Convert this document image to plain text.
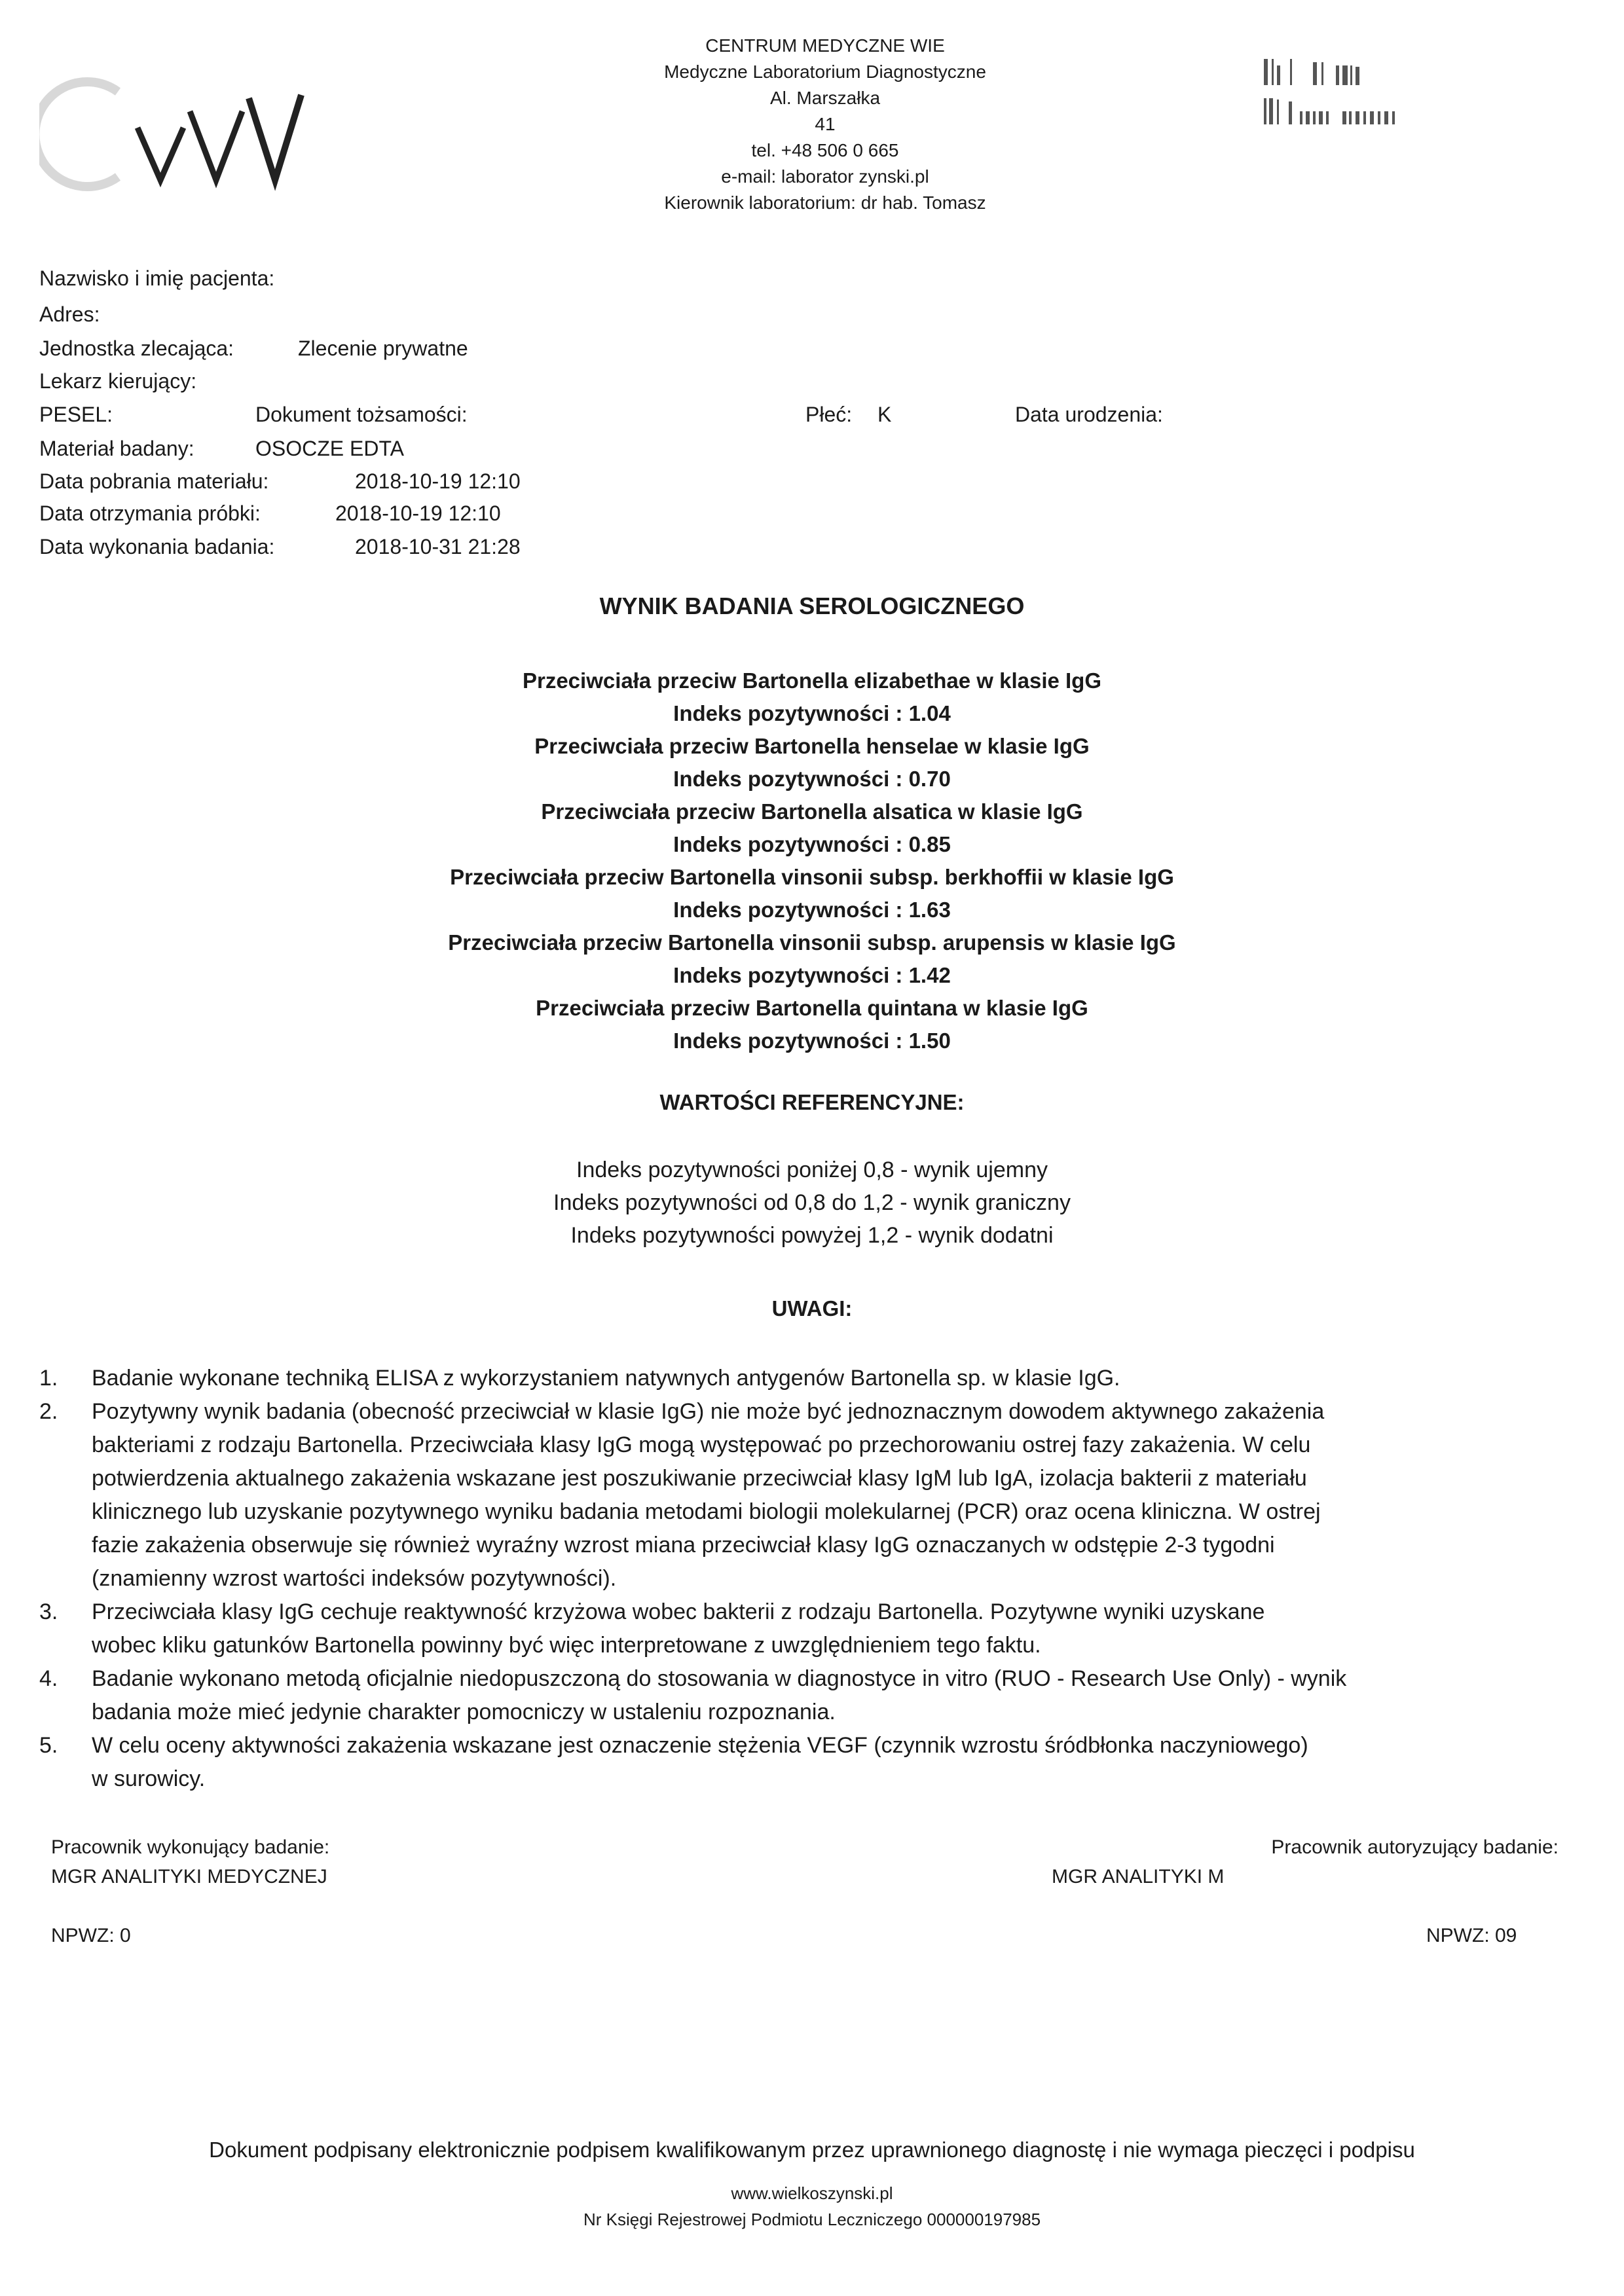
CENTRUM MEDYCZNE WIE
Medyczne Laboratorium Diagnostyczne
Al. Marszałka
41
tel. +48 506 0 665
e-mail: laborator zynski.pl
Kierownik laboratorium: dr hab. Tomasz
Nazwisko i imię pacjenta:
Adres:
Jednostka zlecająca:	Zlecenie prywatne
Lekarz kierujący:
PESEL:	Dokument tożsamości:	Płeć: K	Data urodzenia:
Materiał badany:	OSOCZE EDTA
Data pobrania materiału:	2018-10-19 12:10
Data otrzymania próbki:	2018-10-19 12:10
Data wykonania badania:	2018-10-31 21:28
WYNIK BADANIA SEROLOGICZNEGO
Przeciwciała przeciw Bartonella elizabethae w klasie IgG
Indeks pozytywności : 1.04
Przeciwciała przeciw Bartonella henselae w klasie IgG
Indeks pozytywności : 0.70
Przeciwciała przeciw Bartonella alsatica w klasie IgG
Indeks pozytywności : 0.85
Przeciwciała przeciw Bartonella vinsonii subsp. berkhoffii w klasie IgG
Indeks pozytywności : 1.63
Przeciwciała przeciw Bartonella vinsonii subsp. arupensis w klasie IgG
Indeks pozytywności : 1.42
Przeciwciała przeciw Bartonella quintana w klasie IgG
Indeks pozytywności : 1.50
WARTOŚCI REFERENCYJNE:
Indeks pozytywności poniżej 0,8 - wynik ujemny
Indeks pozytywności od 0,8 do 1,2 - wynik graniczny
Indeks pozytywności powyżej 1,2 - wynik dodatni
UWAGI:
1.	Badanie wykonane techniką ELISA z wykorzystaniem natywnych antygenów Bartonella sp. w klasie IgG.
2.	Pozytywny wynik badania (obecność przeciwciał w klasie IgG) nie może być jednoznacznym dowodem aktywnego zakażenia
bakteriami z rodzaju Bartonella. Przeciwciała klasy IgG mogą występować po przechorowaniu ostrej fazy zakażenia. W celu
potwierdzenia aktualnego zakażenia wskazane jest poszukiwanie przeciwciał klasy IgM lub IgA, izolacja bakterii z materiału
klinicznego lub uzyskanie pozytywnego wyniku badania metodami biologii molekularnej (PCR) oraz ocena kliniczna. W ostrej
fazie zakażenia obserwuje się również wyraźny wzrost miana przeciwciał klasy IgG oznaczanych w odstępie 2-3 tygodni
(znamienny wzrost wartości indeksów pozytywności).
3.	Przeciwciała klasy IgG cechuje reaktywność krzyżowa wobec bakterii z rodzaju Bartonella. Pozytywne wyniki uzyskane
wobec kliku gatunków Bartonella powinny być więc interpretowane z uwzględnieniem tego faktu.
4.	Badanie wykonano metodą oficjalnie niedopuszczoną do stosowania w diagnostyce in vitro (RUO - Research Use Only) - wynik
badania może mieć jedynie charakter pomocniczy w ustaleniu rozpoznania.
5.	W celu oceny aktywności zakażenia wskazane jest oznaczenie stężenia VEGF (czynnik wzrostu śródbłonka naczyniowego)
w surowicy.
Pracownik wykonujący badanie:
MGR ANALITYKI MEDYCZNEJ
NPWZ: 0
Pracownik autoryzujący badanie:
MGR ANALITYKI M
NPWZ: 09
Dokument podpisany elektronicznie podpisem kwalifikowanym przez uprawnionego diagnostę i nie wymaga pieczęci i podpisu
www.wielkoszynski.pl
Nr Księgi Rejestrowej Podmiotu Leczniczego 000000197985
